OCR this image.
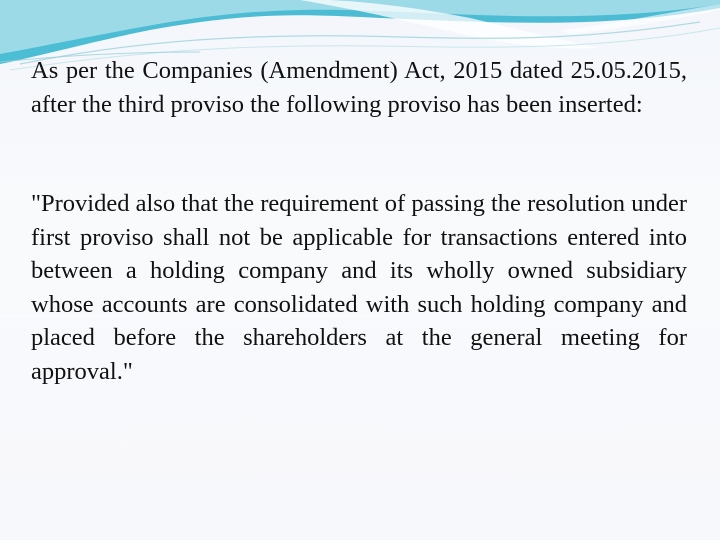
As per the Companies (Amendment) Act, 2015 dated 25.05.2015, after the third proviso the following proviso has been inserted:

"Provided also that the requirement of passing the resolution under first proviso shall not be applicable for transactions entered into between a holding company and its wholly owned subsidiary whose accounts are consolidated with such holding company and placed before the shareholders at the general meeting for approval."
